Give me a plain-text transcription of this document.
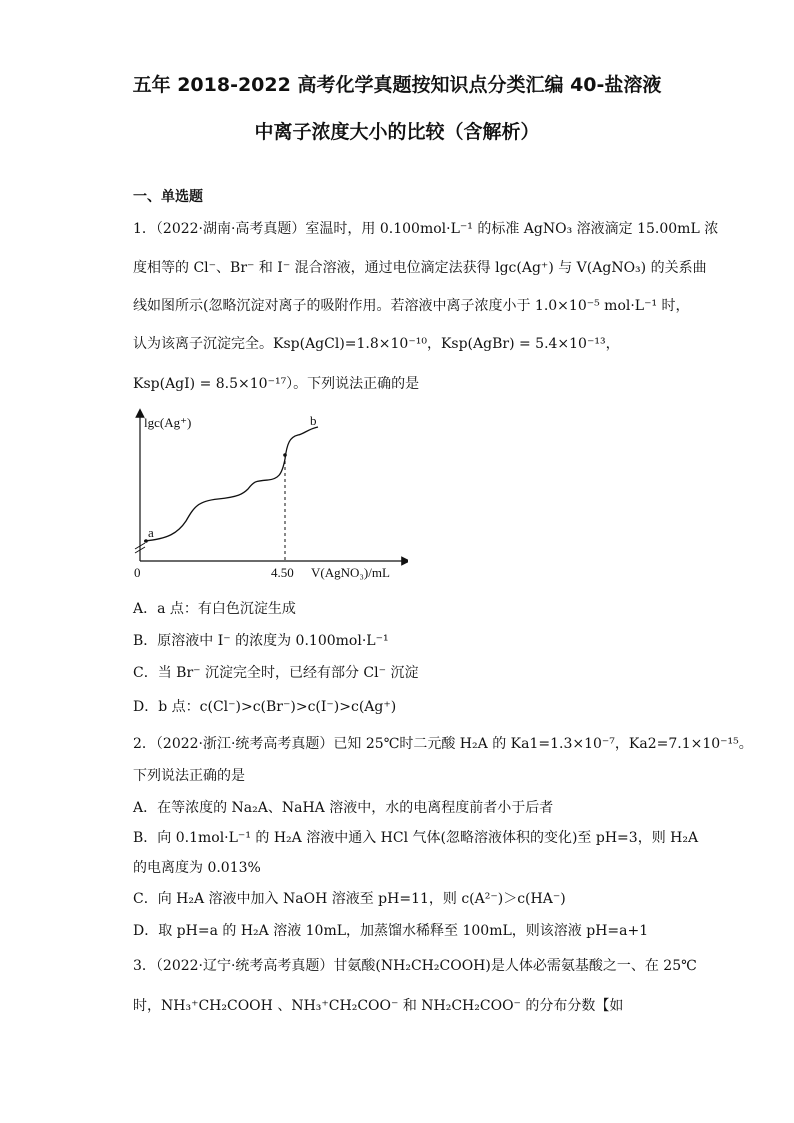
五年 2018-2022 高考化学真题按知识点分类汇编 40-盐溶液
中离子浓度大小的比较（含解析）
一、单选题
1．（2022·湖南·高考真题）室温时，用 0.100mol·L⁻¹ 的标准 AgNO₃ 溶液滴定 15.00mL 浓
度相等的 Cl⁻、Br⁻ 和 I⁻ 混合溶液，通过电位滴定法获得 lgc(Ag⁺) 与 V(AgNO₃) 的关系曲
线如图所示(忽略沉淀对离子的吸附作用。若溶液中离子浓度小于 1.0×10⁻⁵ mol·L⁻¹ 时，
认为该离子沉淀完全。Ksp(AgCl)=1.8×10⁻¹⁰，Ksp(AgBr) = 5.4×10⁻¹³，
Ksp(AgI) = 8.5×10⁻¹⁷）。下列说法正确的是
lgc(Ag⁺)
a
b
0	4.50 V(AgNO₃)/mL
A．a 点：有白色沉淀生成
B．原溶液中 I⁻ 的浓度为 0.100mol·L⁻¹
C．当 Br⁻ 沉淀完全时，已经有部分 Cl⁻ 沉淀
D．b 点：c(Cl⁻)>c(Br⁻)>c(I⁻)>c(Ag⁺)
2．（2022·浙江·统考高考真题）已知 25℃时二元酸 H₂A 的 Ka1=1.3×10⁻⁷，Ka2=7.1×10⁻¹⁵。
下列说法正确的是
A．在等浓度的 Na₂A、NaHA 溶液中，水的电离程度前者小于后者
B．向 0.1mol·L⁻¹ 的 H₂A 溶液中通入 HCl 气体(忽略溶液体积的变化)至 pH=3，则 H₂A
的电离度为 0.013%
C．向 H₂A 溶液中加入 NaOH 溶液至 pH=11，则 c(A²⁻)＞c(HA⁻)
D．取 pH=a 的 H₂A 溶液 10mL，加蒸馏水稀释至 100mL，则该溶液 pH=a+1
3．（2022·辽宁·统考高考真题）甘氨酸(NH₂CH₂COOH)是人体必需氨基酸之一、在 25℃
时，NH₃⁺CH₂COOH 、NH₃⁺CH₂COO⁻ 和 NH₂CH₂COO⁻ 的分布分数【如
